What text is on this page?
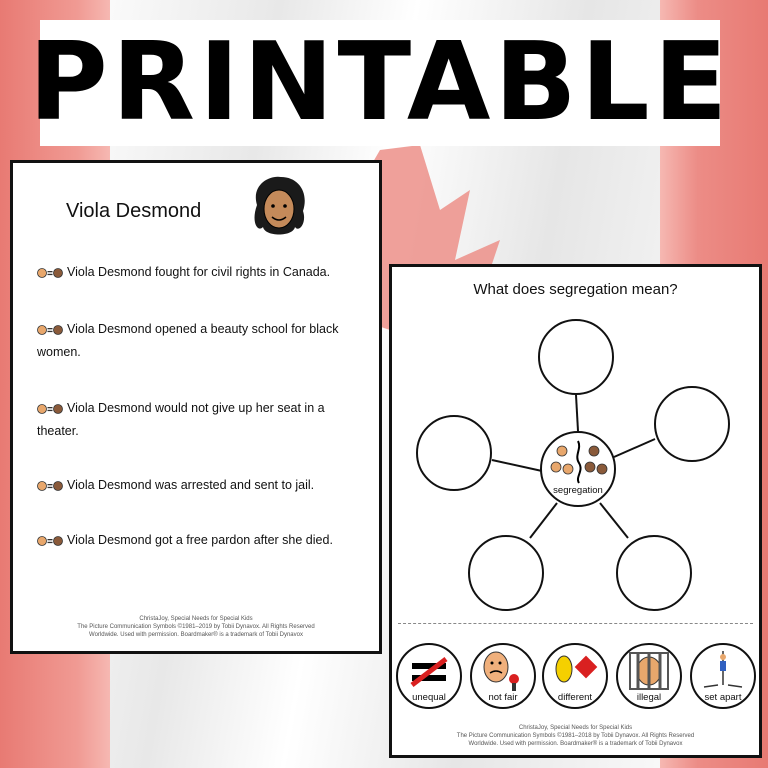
PRINTABLE
Viola Desmond
Viola Desmond fought for civil rights in Canada.
Viola Desmond opened a beauty school for black women.
Viola Desmond would not give up her seat in a theater.
Viola Desmond was arrested and sent to jail.
Viola Desmond got a free pardon after she died.
ChristaJoy, Special Needs for Special Kids
The Picture Communication Symbols ©1981–2019 by Tobii Dynavox. All Rights Reserved
Worldwide. Used with permission. Boardmaker® is a trademark of Tobii Dynavox
What does segregation mean?
segregation
unequal	not fair	different	illegal	set apart
ChristaJoy, Special Needs for Special Kids
The Picture Communication Symbols ©1981–2018 by Tobii Dynavox. All Rights Reserved
Worldwide. Used with permission. Boardmaker® is a trademark of Tobii Dynavox
